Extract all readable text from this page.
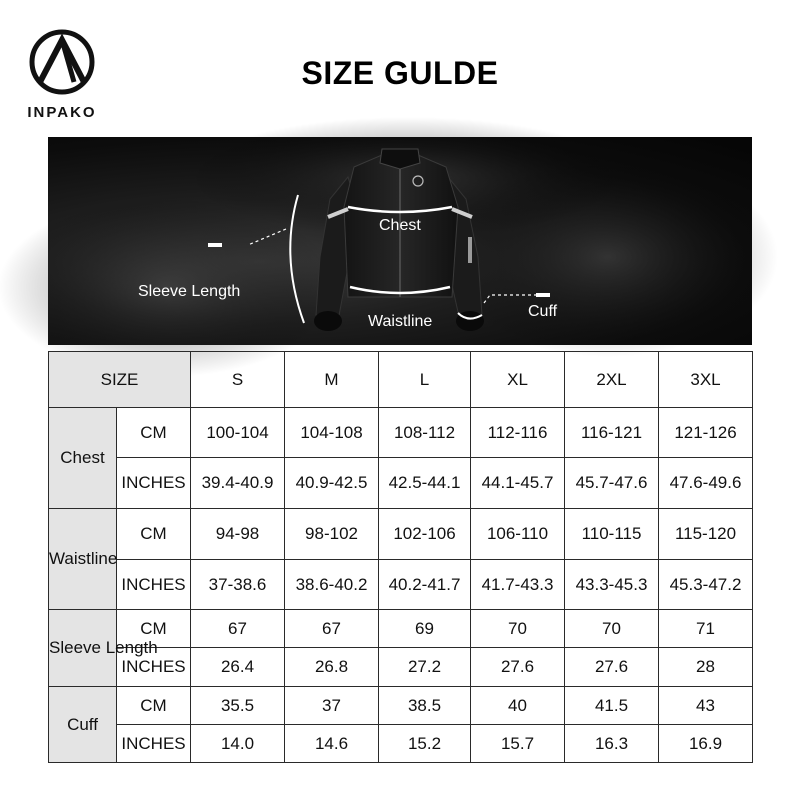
INPAKO
SIZE GULDE
Chest
Sleeve Length
Waistline
Cuff
SIZE		S	M	L	XL	2XL	3XL
Chest	CM	100-104	104-108	108-112	112-116	116-121	121-126
	INCHES	39.4-40.9	40.9-42.5	42.5-44.1	44.1-45.7	45.7-47.6	47.6-49.6
Waistline	CM	94-98	98-102	102-106	106-110	110-115	115-120
	INCHES	37-38.6	38.6-40.2	40.2-41.7	41.7-43.3	43.3-45.3	45.3-47.2
Sleeve Length	CM	67	67	69	70	70	71
	INCHES	26.4	26.8	27.2	27.6	27.6	28
Cuff	CM	35.5	37	38.5	40	41.5	43
	INCHES	14.0	14.6	15.2	15.7	16.3	16.9
